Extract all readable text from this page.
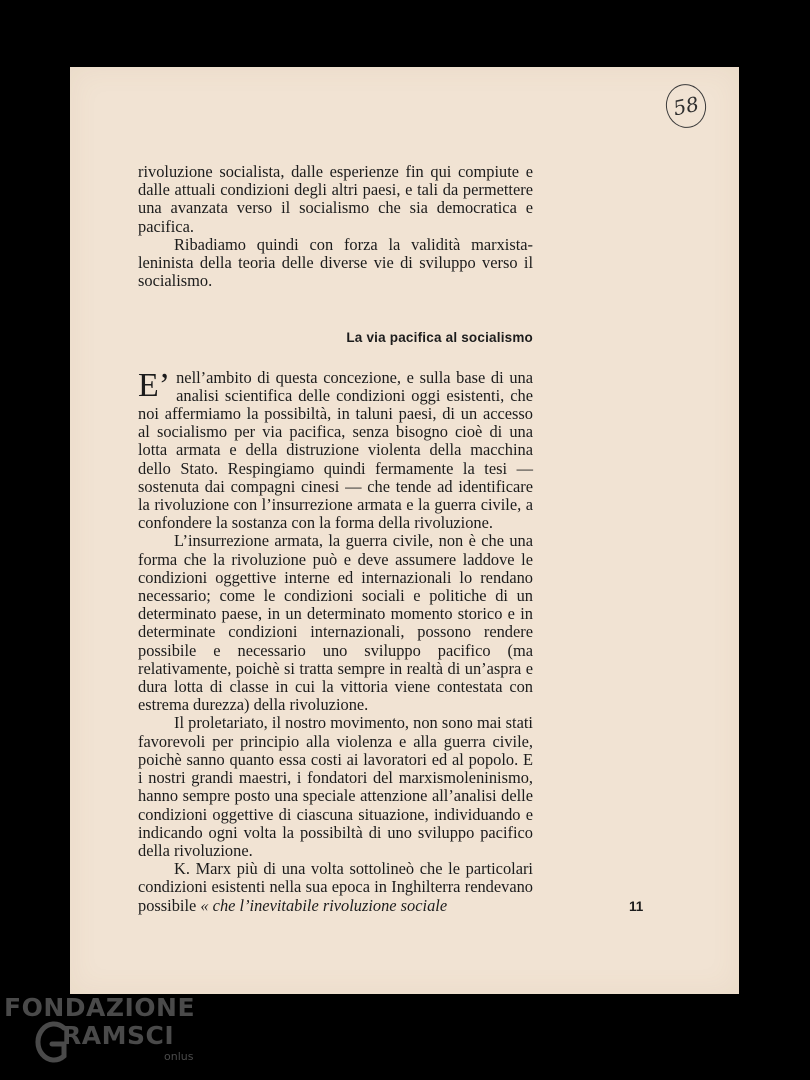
58

rivoluzione socialista, dalle esperienze fin qui compiute e dalle attuali condizioni degli altri paesi, e tali da permettere una avanzata verso il socialismo che sia democratica e pacifica.

Ribadiamo quindi con forza la validità marxista-leninista della teoria delle diverse vie di sviluppo verso il socialismo.

La via pacifica al socialismo

E’ nell’ambito di questa concezione, e sulla base di una analisi scientifica delle condizioni oggi esistenti, che noi affermiamo la possibiltà, in taluni paesi, di un accesso al socialismo per via pacifica, senza bisogno cioè di una lotta armata e della distruzione violenta della macchina dello Stato. Respingiamo quindi fermamente la tesi — sostenuta dai compagni cinesi — che tende ad identificare la rivoluzione con l’insurrezione armata e la guerra civile, a confondere la sostanza con la forma della rivoluzione.

L’insurrezione armata, la guerra civile, non è che una forma che la rivoluzione può e deve assumere laddove le condizioni oggettive interne ed internazionali lo rendano necessario; come le condizioni sociali e politiche di un determinato paese, in un determinato momento storico e in determinate condizioni internazionali, possono rendere possibile e necessario uno sviluppo pacifico (ma relativamente, poichè si tratta sempre in realtà di un’aspra e dura lotta di classe in cui la vittoria viene contestata con estrema durezza) della rivoluzione.

Il proletariato, il nostro movimento, non sono mai stati favorevoli per principio alla violenza e alla guerra civile, poichè sanno quanto essa costi ai lavoratori ed al popolo. E i nostri grandi maestri, i fondatori del marxismoleninismo, hanno sempre posto una speciale attenzione all’analisi delle condizioni oggettive di ciascuna situazione, individuando e indicando ogni volta la possibiltà di uno sviluppo pacifico della rivoluzione.

K. Marx più di una volta sottolineò che le particolari condizioni esistenti nella sua epoca in Inghilterra rendevano possibile « che l’inevitabile rivoluzione sociale	11
FONDAZIONE
RAMSCI
onlus
